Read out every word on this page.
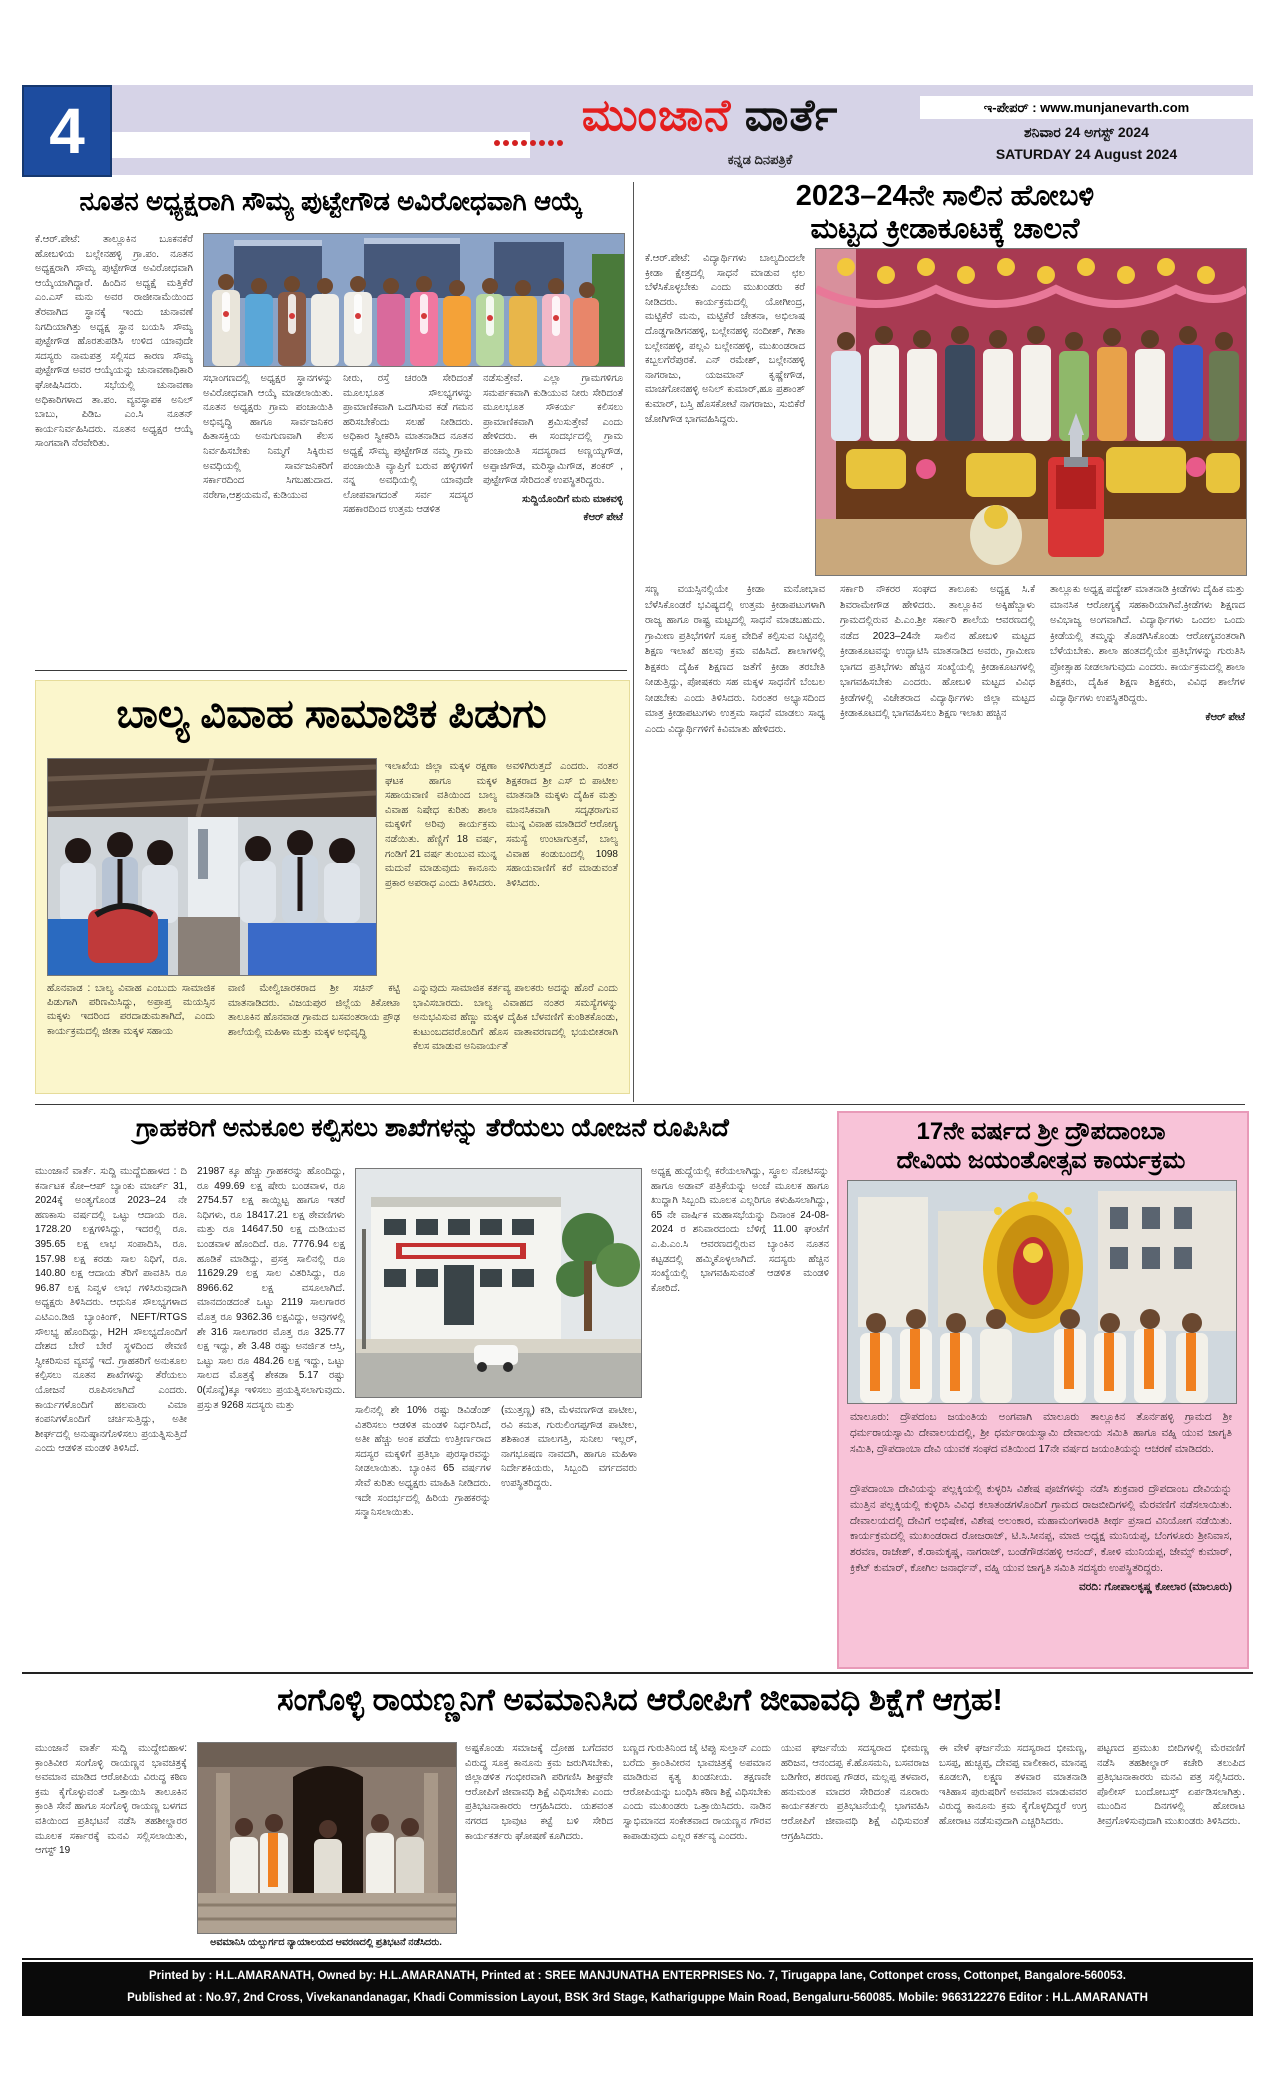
4	ಮುಂಜಾನೆ ವಾರ್ತೆ
ಕನ್ನಡ ದಿನಪತ್ರಿಕೆ
ಇ-ಪೇಪರ್ : www.munjanevarth.com
ಶನಿವಾರ 24 ಅಗಸ್ಟ್ 2024
SATURDAY 24 August 2024
ನೂತನ ಅಧ್ಯಕ್ಷರಾಗಿ ಸೌಮ್ಯ ಪುಟ್ಟೇಗೌಡ ಅವಿರೋಧವಾಗಿ ಆಯ್ಕೆ
ಕೆ.ಆರ್.ಪೇಟೆ: ತಾಲ್ಲೂಕಿನ ಬೂಕನಕೆರೆ ಹೋಬಳಿಯ ಬಲ್ಲೇನಹಳ್ಳಿ ಗ್ರಾ.ಪಂ. ನೂತನ ಅಧ್ಯಕ್ಷರಾಗಿ ಸೌಮ್ಯ ಪುಟ್ಟೇಗೌಡ ಅವಿರೋಧವಾಗಿ ಆಯ್ಕೆಯಾಗಿದ್ದಾರೆ. ಹಿಂದಿನ ಅಧ್ಯಕ್ಷೆ ಮತ್ತಿಕೆರೆ ಎಂ.ಎಸ್ ಮನು ಅವರ ರಾಜೀನಾಮೆಯಿಂದ ತೆರವಾಗಿದ ಸ್ಥಾನಕ್ಕೆ ಇಂದು ಚುನಾವಣೆ ನಿಗದಿಯಾಗಿತ್ತು ಅಧ್ಯಕ್ಷ ಸ್ಥಾನ ಬಯಸಿ ಸೌಮ್ಯ ಪುಟ್ಟೇಗೌಡ ಹೊರತುಪಡಿಸಿ ಉಳಿದ ಯಾವುದೇ ಸದಸ್ಯರು ನಾಮಪತ್ರ ಸಲ್ಲಿಸದ ಕಾರಣ ಸೌಮ್ಯ ಪುಟ್ಟೇಗೌಡ ಅವರ ಆಯ್ಕೆಯನ್ನು ಚುನಾವಣಾಧಿಕಾರಿ ಘೋಷಿಸಿದರು. ಸಭೆಯಲ್ಲಿ ಚುನಾವಣಾ ಅಧಿಕಾರಿಗಳಾದ ತಾ.ಪಂ. ವ್ಯವಸ್ಥಾಪಕ ಅನಿಲ್ ಬಾಬು, ಪಿಡಿಒ ಎಂ.ಸಿ ನೂತನ್ ಕಾರ್ಯನಿರ್ವಹಿಸಿದರು. ನೂತನ ಅಧ್ಯಕ್ಷರ ಆಯ್ಕೆ ಸಾಂಗವಾಗಿ ನೆರವೇರಿತು.
ಸಭಾಂಗಣದಲ್ಲಿ ಅಧ್ಯಕ್ಷರ ಸ್ಥಾನಗಳನ್ನು ಅವಿರೋಧವಾಗಿ ಆಯ್ಕೆ ಮಾಡಲಾಯಿತು. ನೂತನ ಅಧ್ಯಕ್ಷರು ಗ್ರಾಮ ಪಂಚಾಯಿತಿ ಅಭಿವೃದ್ಧಿ ಹಾಗೂ ಸಾರ್ವಜನಿಕರ ಹಿತಾಸಕ್ತಿಯ ಅನುಗುಣವಾಗಿ ಕೆಲಸ ನಿರ್ವಹಿಸಬೇಕು ನಿಮ್ಮಗೆ ಸಿಕ್ಕಿರುವ ಅವಧಿಯಲ್ಲಿ ಸಾರ್ವಜನಿಕರಿಗೆ ಸರ್ಕಾರದಿಂದ ಸಿಗಬಹುದಾದ. ನರೇಗಾ,ಆಶ್ರಯಮನೆ, ಕುಡಿಯುವ
ನೀರು, ರಸ್ತೆ ಚರಂಡಿ ಸೇರಿದಂತೆ ಮೂಲಭೂತ ಸೌಲಭ್ಯಗಳನ್ನು ಪ್ರಾಮಾಣಿಕವಾಗಿ ಒದಗಿಸುವ ಕಡೆ ಗಮನ ಹರಿಸಬೇಕೆಂದು ಸಲಹೆ ನೀಡಿದರು. ಅಧಿಕಾರ ಸ್ವೀಕರಿಸಿ ಮಾತನಾಡಿದ ನೂತನ ಅಧ್ಯಕ್ಷೆ ಸೌಮ್ಯ ಪುಟ್ಟೇಗೌಡ ನಮ್ಮ ಗ್ರಾಮ ಪಂಚಾಯಿತಿ ವ್ಯಾಪ್ತಿಗೆ ಬರುವ ಹಳ್ಳಿಗಳಿಗೆ ನನ್ನ ಅವಧಿಯಲ್ಲಿ ಯಾವುದೇ ಲೋಪವಾಗದಂತೆ ಸರ್ವ ಸದಸ್ಯರ ಸಹಕಾರದಿಂದ ಉತ್ತಮ ಆಡಳಿತ
ನಡೆಸುತ್ತೇವೆ. ಎಲ್ಲಾ ಗ್ರಾಮಗಳಿಗೂ ಸಮರ್ಪಕವಾಗಿ ಕುಡಿಯುವ ನೀರು ಸೇರಿದಂತೆ ಮೂಲಭೂತ ಸೌಕರ್ಯ ಕಲಿಸಲು ಪ್ರಾಮಾಣಿಕವಾಗಿ ಶ್ರಮಿಸುತ್ತೇವೆ ಎಂದು ಹೇಳಿದರು. ಈ ಸಂದರ್ಭದಲ್ಲಿ ಗ್ರಾಮ ಪಂಚಾಯಿತಿ ಸದಸ್ಯರಾದ ಅಣ್ಣಯ್ಯಗೌಡ, ಅಪ್ಪಾಜಿಗೌಡ, ಮರಿಸ್ವಾಮಿಗೌಡ, ಶಂಕರ್ , ಪುಟ್ಟೇಗೌಡ ಸೇರಿದಂತೆ ಉಪಸ್ಥಿತರಿದ್ದರು.
ಸುದ್ದಿಯೊಂದಿಗೆ ಮನು ಮಾಕವಳ್ಳಿ
ಕೆಆರ್ ಪೇಟೆ
2023–24ನೇ ಸಾಲಿನ ಹೋಬಳಿ
ಮಟ್ಟದ ಕ್ರೀಡಾಕೂಟಕ್ಕೆ ಚಾಲನೆ
ಕೆ.ಆರ್.ಪೇಟೆ: ವಿದ್ಯಾರ್ಥಿಗಳು ಬಾಲ್ಯದಿಂದಲೇ ಕ್ರೀಡಾ ಕ್ಷೇತ್ರದಲ್ಲಿ ಸಾಧನೆ ಮಾಡುವ ಛಲ ಬೆಳೆಸಿಕೊಳ್ಳಬೇಕು ಎಂದು ಮುಖಂಡರು ಕರೆ ನೀಡಿದರು. ಕಾರ್ಯಕ್ರಮದಲ್ಲಿ ಯೋಗೀಂದ್ರ, ಮಟ್ಟಿಕೆರೆ ಮನು, ಮಟ್ಟಿಕೆರೆ ಚೇತನಾ, ಅಭಿಲಾಷ ದೊಡ್ಡಗಾಡಿಗನಹಳ್ಳಿ, ಬಲ್ಲೇನಹಳ್ಳಿ ನಂದೀಶ್, ಗೀತಾ ಬಲ್ಲೇನಹಳ್ಳಿ, ಪಲ್ಲವಿ ಬಲ್ಲೇನಹಳ್ಳಿ, ಮುಖಂಡರಾದ ಕಬ್ಬಲಗೆರೆಪುರಕೆ. ಎನ್ ರಮೇಶ್, ಬಲ್ಲೇನಹಳ್ಳಿ ನಾಗರಾಜು, ಯಜಮಾನ್ ಕೃಷ್ಣೇಗೌಡ, ಮಾಚಗೋನಹಳ್ಳಿ ಅನಿಲ್ ಕುಮಾರ್,ಹೂ ಪ್ರಶಾಂತ್ ಕುಮಾರ್, ಬಸ್ತಿ ಹೊಸಕೋಟೆ ನಾಗರಾಜು, ಸುಬಿಕೆರೆ ಜೋಗಿಗೌಡ ಭಾಗವಹಿಸಿದ್ದರು.
ಸಣ್ಣ ವಯಸ್ಸಿನಲ್ಲಿಯೇ ಕ್ರೀಡಾ ಮನೋಭಾವ ಬೆಳೆಸಿಕೊಂಡರೆ ಭವಿಷ್ಯದಲ್ಲಿ ಉತ್ತಮ ಕ್ರೀಡಾಪಟುಗಳಾಗಿ ರಾಜ್ಯ ಹಾಗೂ ರಾಷ್ಟ್ರ ಮಟ್ಟದಲ್ಲಿ ಸಾಧನೆ ಮಾಡಬಹುದು. ಗ್ರಾಮೀಣ ಪ್ರತಿಭೆಗಳಿಗೆ ಸೂಕ್ತ ವೇದಿಕೆ ಕಲ್ಪಿಸುವ ನಿಟ್ಟಿನಲ್ಲಿ ಶಿಕ್ಷಣ ಇಲಾಖೆ ಹಲವು ಕ್ರಮ ವಹಿಸಿದೆ. ಶಾಲಾಗಳಲ್ಲಿ ಶಿಕ್ಷಕರು ದೈಹಿಕ ಶಿಕ್ಷಣದ ಜತೆಗೆ ಕ್ರೀಡಾ ತರಬೇತಿ ನೀಡುತ್ತಿದ್ದು, ಪೋಷಕರು ಸಹ ಮಕ್ಕಳ ಸಾಧನೆಗೆ ಬೆಂಬಲ ನೀಡಬೇಕು ಎಂದು ತಿಳಿಸಿದರು. ನಿರಂತರ ಅಭ್ಯಾಸದಿಂದ ಮಾತ್ರ ಕ್ರೀಡಾಪಟುಗಳು ಉತ್ತಮ ಸಾಧನೆ ಮಾಡಲು ಸಾಧ್ಯ ಎಂದು ವಿದ್ಯಾರ್ಥಿಗಳಿಗೆ ಕಿವಿಮಾತು ಹೇಳಿದರು.
ಸರ್ಕಾರಿ ನೌಕರರ ಸಂಘದ ತಾಲೂಕು ಅಧ್ಯಕ್ಷ ಸಿ.ಕೆ ಶಿವರಾಮೇಗೌಡ ಹೇಳಿದರು. ತಾಲ್ಲೂಕಿನ ಅಕ್ಕಿಹೆಬ್ಬಾಳು ಗ್ರಾಮದಲ್ಲಿರುವ ಪಿ.ಎಂ.ಶ್ರೀ ಸರ್ಕಾರಿ ಶಾಲೆಯ ಆವರಣದಲ್ಲಿ ನಡೆದ 2023–24ನೇ ಸಾಲಿನ ಹೋಬಳಿ ಮಟ್ಟದ ಕ್ರೀಡಾಕೂಟವನ್ನು ಉದ್ಘಾಟಿಸಿ ಮಾತನಾಡಿದ ಅವರು, ಗ್ರಾಮೀಣ ಭಾಗದ ಪ್ರತಿಭೆಗಳು ಹೆಚ್ಚಿನ ಸಂಖ್ಯೆಯಲ್ಲಿ ಕ್ರೀಡಾಕೂಟಗಳಲ್ಲಿ ಭಾಗವಹಿಸಬೇಕು ಎಂದರು. ಹೋಬಳಿ ಮಟ್ಟದ ವಿವಿಧ ಕ್ರೀಡೆಗಳಲ್ಲಿ ವಿಜೇತರಾದ ವಿದ್ಯಾರ್ಥಿಗಳು ಜಿಲ್ಲಾ ಮಟ್ಟದ ಕ್ರೀಡಾಕೂಟದಲ್ಲಿ ಭಾಗವಹಿಸಲು ಶಿಕ್ಷಣ ಇಲಾಖ ಹಚ್ಚಿನ
ತಾಲ್ಲೂಕು ಅಧ್ಯಕ್ಷ ಪದ್ಯೇಶ್ ಮಾತನಾಡಿ ಕ್ರೀಡೆಗಳು ದೈಹಿಕ ಮತ್ತು ಮಾನಸಿಕ ಆರೋಗ್ಯಕ್ಕೆ ಸಹಕಾರಿಯಾಗಿವೆ.ಕ್ರೀಡೆಗಳು ಶಿಕ್ಷಣದ ಅವಿಭಾಜ್ಯ ಅಂಗವಾಗಿದೆ. ವಿದ್ಯಾರ್ಥಿಗಳು ಒಂದಲ ಒಂದು ಕ್ರೀಡೆಯಲ್ಲಿ ತಮ್ಮನ್ನು ತೊಡಗಿಸಿಕೊಂಡು ಆರೋಗ್ಯವಂತರಾಗಿ ಬೆಳೆಯಬೇಕು. ಶಾಲಾ ಹಂತದಲ್ಲಿಯೇ ಪ್ರತಿಭೆಗಳನ್ನು ಗುರುತಿಸಿ ಪ್ರೋತ್ಸಾಹ ನೀಡಲಾಗುವುದು ಎಂದರು. ಕಾರ್ಯಕ್ರಮದಲ್ಲಿ ಶಾಲಾ ಶಿಕ್ಷಕರು, ದೈಹಿಕ ಶಿಕ್ಷಣ ಶಿಕ್ಷಕರು, ವಿವಿಧ ಶಾಲೆಗಳ ವಿದ್ಯಾರ್ಥಿಗಳು ಉಪಸ್ಥಿತರಿದ್ದರು.
ಕೆಆರ್ ಪೇಟೆ
ಬಾಲ್ಯ ವಿವಾಹ ಸಾಮಾಜಿಕ ಪಿಡುಗು
ಇಲಾಖೆಯ ಜಿಲ್ಲಾ ಮಕ್ಕಳ ರಕ್ಷಣಾ ಘಟಕ ಹಾಗೂ ಮಕ್ಕಳ ಸಹಾಯವಾಣಿ ವತಿಯಿಂದ ಬಾಲ್ಯ ವಿವಾಹ ನಿಷೇಧ ಕುರಿತು ಶಾಲಾ ಮಕ್ಕಳಿಗೆ ಅರಿವು ಕಾರ್ಯಕ್ರಮ ನಡೆಯಿತು. ಹೆಣ್ಣಿಗೆ 18 ವರ್ಷ, ಗಂಡಿಗೆ 21 ವರ್ಷ ತುಂಬುವ ಮುನ್ನ ಮದುವೆ ಮಾಡುವುದು ಕಾನೂನು ಪ್ರಕಾರ ಅಪರಾಧ ಎಂದು ತಿಳಿಸಿದರು.
ಅವಳಿಗಿರುತ್ತದೆ ಎಂದರು. ನಂತರ ಶಿಕ್ಷಕರಾದ ಶ್ರೀ ಎಸ್ ಬಿ ಪಾಟೀಲ ಮಾತನಾಡಿ ಮಕ್ಕಳು ದೈಹಿಕ ಮತ್ತು ಮಾನಸಿಕವಾಗಿ ಸದೃಢರಾಗುವ ಮುನ್ನ ವಿವಾಹ ಮಾಡಿದರೆ ಆರೋಗ್ಯ ಸಮಸ್ಯೆ ಉಂಟಾಗುತ್ತವೆ, ಬಾಲ್ಯ ವಿವಾಹ ಕಂಡುಬಂದಲ್ಲಿ 1098 ಸಹಾಯವಾಣಿಗೆ ಕರೆ ಮಾಡುವಂತೆ ತಿಳಿಸಿದರು.
ಹೊನವಾಡ : ಬಾಲ್ಯ ವಿವಾಹ ಎಂಬುದು ಸಾಮಾಜಿಕ ಪಿಡುಗಾಗಿ ಪರಿಣಮಿಸಿದ್ದು, ಅಪ್ರಾಪ್ತ ಮಯಸ್ಸಿನ ಮಕ್ಕಳು ಇದರಿಂದ ಪರದಾಡುಮತಾಗಿದೆ, ಎಂದು ಕಾರ್ಯಕ್ರಮದಲ್ಲಿ ಜೀತಾ ಮಕ್ಕಳ ಸಹಾಯ
ವಾಣಿ ಮೇಲ್ವಿಚಾರಕರಾದ ಶ್ರೀ ಸಚಿನ್ ಕಟ್ಟಿ ಮಾತನಾಡಿದರು. ವಿಜಯಪುರ ಜಿಲ್ಲೆಯ ತಿಕೋಟಾ ತಾಲೂಕಿನ ಹೊನವಾಡ ಗ್ರಾಮದ ಬಸವಂತರಾಯ ಪ್ರೌಢ ಶಾಲೆಯಲ್ಲಿ ಮಹಿಳಾ ಮತ್ತು ಮಕ್ಕಳ ಅಭಿವೃದ್ಧಿ
ಎನ್ನುವುದು ಸಾಮಾಜಿಕ ಕರ್ತವ್ಯ ಪಾಲಕರು ಅದನ್ನು ಹೊರೆ ಎಂದು ಭಾವಿಸಬಾರದು. ಬಾಲ್ಯ ವಿವಾಹದ ನಂತರ ಸಮಸ್ಯೆಗಳನ್ನು ಅನುಭವಿಸುವ ಹೆಣ್ಣು ಮಕ್ಕಳ ದೈಹಿಕ ಬೆಳವಣಿಗೆ ಕುಂಠಿತಕೊಂಡು, ಕುಟುಂಬದವರೊಂದಿಗೆ ಹೊಸ ವಾತಾವರಣದಲ್ಲಿ ಭಯಬೀತರಾಗಿ ಕೆಲಸ ಮಾಡುವ ಅನಿವಾರ್ಯತೆ
ಗ್ರಾಹಕರಿಗೆ ಅನುಕೂಲ ಕಲ್ಪಿಸಲು ಶಾಖೆಗಳನ್ನು ತೆರೆಯಲು ಯೋಜನೆ ರೂಪಿಸಿದೆ
ಮುಂಜಾನೆ ವಾರ್ತೆ. ಸುದ್ದಿ ಮುದ್ದೆಬಿಹಾಳದ : ದಿ ಕರ್ನಾಟಕ ಕೋ–ಆಪ್ ಬ್ಯಾಂಕು ಮಾರ್ಚ್ 31, 2024ಕ್ಕೆ ಅಂತ್ಯಗೊಂಡ 2023–24 ನೇ ಹಣಕಾಸು ವರ್ಷದಲ್ಲಿ ಒಟ್ಟು ಆದಾಯ ರೂ. 1728.20 ಲಕ್ಷಗಳಿಸಿದ್ದು, ಇದರಲ್ಲಿ ರೂ. 395.65 ಲಕ್ಷ ಲಾಭ ಸಂಪಾದಿಸಿ, ರೂ. 157.98 ಲಕ್ಷ ಕರಡು ಸಾಲ ನಿಧಿಗೆ, ರೂ. 140.80 ಲಕ್ಷ ಆದಾಯ ತೆರಿಗೆ ಪಾವತಿಸಿ ರೂ 96.87 ಲಕ್ಷ ನಿವ್ವಳ ಲಾಭ ಗಳಿಸಿರುವುದಾಗಿ ಅಧ್ಯಕ್ಷರು ತಿಳಿಸಿದರು. ಆಧುನಿಕ ಸೌಲಭ್ಯಗಳಾದ ಎಟಿಎಂ.ಡಿಜಿ ಬ್ಯಾಂಕಿಂಗ್, NEFT/RTGS ಸೌಲಭ್ಯ ಹೊಂದಿದ್ದು, H2H ಸೌಲಭ್ಯದೊಂದಿಗೆ ದೇಶದ ಬೇರೆ ಬೇರೆ ಸ್ಥಳದಿಂದ ಠೇವಣಿ ಸ್ವೀಕರಿಸುವ ವ್ಯವಸ್ಥೆ ಇದೆ. ಗ್ರಾಹಕರಿಗೆ ಅನುಕೂಲ ಕಲ್ಪಿಸಲು ನೂತನ ಶಾಖೆಗಳನ್ನು ತೆರೆಯಲು ಯೋಜನೆ ರೂಪಿಸಲಾಗಿದೆ ಎಂದರು. ಕಾರ್ಯಗಳೊಂದಿಗೆ ಹಲವಾರು ವಿಮಾ ಕಂಪನಿಗಳೊಂದಿಗೆ ಚರ್ಚಿಸುತ್ತಿದ್ದು, ಅತೀ ಶೀರ್ಘದಲ್ಲಿ ಅನುಷ್ಠಾನಗೊಳಿಸಲು ಪ್ರಯತ್ನಿಸುತ್ತಿದೆ ಎಂದು ಆಡಳಿತ ಮಂಡಳಿ ತಿಳಿಸಿದೆ.
21987 ಕ್ಕೂ ಹೆಚ್ಚು ಗ್ರಾಹಕರನ್ನು ಹೊಂದಿದ್ದು, ರೂ 499.69 ಲಕ್ಷ ಷೇರು ಬಂಡವಾಳ, ರೂ 2754.57 ಲಕ್ಷ ಕಾಯ್ದಿಟ್ಟ ಹಾಗೂ ಇತರೆ ನಿಧಿಗಳು, ರೂ 18417.21 ಲಕ್ಷ ಠೇವಣಿಗಳು ಮತ್ತು ರೂ 14647.50 ಲಕ್ಷ ದುಡಿಯುವ ಬಂಡವಾಳ ಹೊಂದಿದೆ. ರೂ. 7776.94 ಲಕ್ಷ ಹೂಡಿಕೆ ಮಾಡಿದ್ದು, ಪ್ರಸಕ್ತ ಸಾಲಿನಲ್ಲಿ ರೂ 11629.29 ಲಕ್ಷ ಸಾಲ ವಿತರಿಸಿದ್ದು, ರೂ 8966.62 ಲಕ್ಷ ವಸೂಲಾಗಿದೆ. ಮಾನದಂಡದಂತೆ ಒಟ್ಟು 2119 ಸಾಲಗಾರರ ಮೊತ್ತ ರೂ 9362.36 ಲಕ್ಷವಿದ್ದು, ಅವುಗಳಲ್ಲಿ ಶೇ 316 ಸಾಲಗಾರರ ಮೊತ್ತ ರೂ 325.77 ಲಕ್ಷ ಇದ್ದು, ಶೇ 3.48 ರಷ್ಟು ಅನರ್ಜಿತ ಆಸ್ತಿ, ಒಟ್ಟು ಸಾಲ ರೂ 484.26 ಲಕ್ಷ ಇದ್ದು, ಒಟ್ಟು ಸಾಲದ ಮೊತ್ತಕ್ಕೆ ಶೇಕಡಾ 5.17 ರಷ್ಟು 0(ಸೊನ್ನೆ)ಕ್ಕೂ ಇಳಿಸಲು ಪ್ರಯತ್ನಿಸಲಾಗುವುದು. ಪ್ರಸ್ತುತ 9268 ಸದಸ್ಯರು ಮತ್ತು	ಸಾಲಿನಲ್ಲಿ ಶೇ 10% ರಷ್ಟು ಡಿವಿಡೆಂಡ್ ವಿತರಿಸಲು ಆಡಳಿತ ಮಂಡಳಿ ನಿರ್ಧರಿಸಿದೆ, ಅತೀ ಹೆಚ್ಚು ಅಂಕ ಪಡೆದು ಉತ್ತೀರ್ಣರಾದ ಸದಸ್ಯರ ಮಕ್ಕಳಿಗೆ ಪ್ರತಿಭಾ ಪುರಸ್ಕಾರವನ್ನು ನೀಡಲಾಯಿತು. ಬ್ಯಾಂಕಿನ 65 ವರ್ಷಗಳ ಸೇವೆ ಕುರಿತು ಅಧ್ಯಕ್ಷರು ಮಾಹಿತಿ ನೀಡಿದರು. ಇದೇ ಸಂದರ್ಭದಲ್ಲಿ ಹಿರಿಯ ಗ್ರಾಹಕರನ್ನು ಸನ್ಮಾನಿಸಲಾಯಿತು.
(ಮುತ್ತಣ್ಣ) ಕಡಿ, ಮೆಳವಣಗೌಡ ಪಾಟೀಲ, ರವಿ ಕಮತ, ಗುರುಲಿಂಗಪ್ಪಗೌಡ ಪಾಟೀಲ, ಶಶಿಕಾಂತ ಮಾಲಗತ್ತಿ, ಸುನೀಲ ಇಲ್ಲರ್, ನಾಗಭೂಷಣ ನಾವದಗಿ, ಹಾಗೂ ಮಹಿಳಾ ನಿರ್ದೇಶಕಿಯರು, ಸಿಬ್ಬಂದಿ ವರ್ಗದವರು ಉಪಸ್ಥಿತರಿದ್ದರು.
ಅಧ್ಯಕ್ಷ ಹುದ್ದೆಯಲ್ಲಿ ಕರೆಯಲಾಗಿದ್ದು, ಸ್ಥೂಲ ನೋಟಿಸನ್ನು ಹಾಗೂ ಅಡಾವ್ ಪತ್ರಿಕೆಯನ್ನು ಅಂಚೆ ಮೂಲಕ ಹಾಗೂ ಖುದ್ದಾಗಿ ಸಿಬ್ಬಂದಿ ಮೂಲಕ ಎಲ್ಲರಿಗೂ ಕಳುಹಿಸಲಾಗಿದ್ದು, 65 ನೇ ವಾರ್ಷಿಕ ಮಹಾಸಭೆಯನ್ನು ದಿನಾಂಕ 24-08-2024 ರ ಶನಿವಾರದಂದು ಬೆಳಿಗ್ಗೆ 11.00 ಘಂಟೆಗೆ ಎ.ಪಿ.ಎಂ.ಸಿ ಆವರಣದಲ್ಲಿರುವ ಬ್ಯಾಂಕಿನ ನೂತನ ಕಟ್ಟಡದಲ್ಲಿ ಹಮ್ಮಿಕೊಳ್ಳಲಾಗಿದೆ. ಸದಸ್ಯರು ಹೆಚ್ಚಿನ ಸಂಖ್ಯೆಯಲ್ಲಿ ಭಾಗವಹಿಸುವಂತೆ ಆಡಳಿತ ಮಂಡಳಿ ಕೋರಿದೆ.
17ನೇ ವರ್ಷದ ಶ್ರೀ ದ್ರೌಪದಾಂಬಾ
ದೇವಿಯ ಜಯಂತೋತ್ಸವ ಕಾರ್ಯಕ್ರಮ
ಮಾಲೂರು: ದ್ರೌಪದಂಬ ಜಯಂತಿಯ ಅಂಗವಾಗಿ ಮಾಲೂರು ತಾಲ್ಲೂಕಿನ ತೊರ್ನಹಳ್ಳಿ ಗ್ರಾಮದ ಶ್ರೀ ಧರ್ಮರಾಯಸ್ವಾಮಿ ದೇವಾಲಯದಲ್ಲಿ, ಶ್ರೀ ಧರ್ಮರಾಯಸ್ವಾಮಿ ದೇವಾಲಯ ಸಮಿತಿ ಹಾಗೂ ವಹ್ನಿ ಯುವ ಜಾಗೃತಿ ಸಮಿತಿ, ದ್ರೌಪದಾಂಬಾ ದೇವಿ ಯುವಕ ಸಂಘದ ವತಿಯಿಂದ 17ನೇ ವರ್ಷದ ಜಯಂತಿಯನ್ನು ಆಚರಣೆ ಮಾಡಿದರು.
ದ್ರೌಪದಾಂಬಾ ದೇವಿಯನ್ನು ಪಲ್ಲಕ್ಕಿಯಲ್ಲಿ ಕುಳ್ಳರಿಸಿ ವಿಶೇಷ ಪೂಜೆಗಳನ್ನು ನಡೆಸಿ ಶುಕ್ರವಾರ ದ್ರೌಪದಾಂಬ ದೇವಿಯನ್ನು ಮುತ್ತಿನ ಪಲ್ಲಕ್ಕಿಯಲ್ಲಿ ಕುಳ್ಳಿರಿಸಿ ವಿವಿಧ ಕಲಾತಂಡಗಳೊಂದಿಗೆ ಗ್ರಾಮದ ರಾಜಬೀದಿಗಳಲ್ಲಿ ಮೆರವಣಿಗೆ ನಡೆಸಲಾಯಿತು. ದೇವಾಲಯದಲ್ಲಿ ದೇವಿಗೆ ಅಭಿಷೇಕ, ವಿಶೇಷ ಅಲಂಕಾರ, ಮಹಾಮಂಗಳಾರತಿ ತೀರ್ಥ ಪ್ರಸಾದ ವಿನಿಯೋಗ ನಡೆಯಿತು. ಕಾರ್ಯಕ್ರಮದಲ್ಲಿ ಮುಖಂಡರಾದ ರೋಜರಾಜ್, ಟಿ.ಸಿ.ಸೀನಪ್ಪ, ಮಾಜಿ ಅಧ್ಯಕ್ಷ ಮುನಿಯಪ್ಪ, ಬೆಂಗಳೂರು ಶ್ರೀನಿವಾಸ, ಶರವಣ, ರಾಜೇಶ್, ಕೆ.ರಾಮಕೃಷ್ಣ, ನಾಗರಾಜ್, ಬಂಡೆಗೌಡನಹಳ್ಳಿ ಆನಂದ್, ಕೋಳಿ ಮುನಿಯಪ್ಪ, ಜೇಮ್ಸ್ ಕುಮಾರ್, ಕ್ರಿಕೆಟ್ ಕುಮಾರ್, ಕೋಗಿಲ ಜನಾರ್ಧನ್, ವಹ್ನಿ ಯುವ ಜಾಗೃತಿ ಸಮಿತಿ ಸದಸ್ಯರು ಉಪಸ್ಥಿತರಿದ್ದರು.
ವರದಿ: ಗೋಪಾಲಕೃಷ್ಣ ಕೋಲಾರ (ಮಾಲೂರು)
ಸಂಗೊಳ್ಳಿ ರಾಯಣ್ಣನಿಗೆ ಅವಮಾನಿಸಿದ ಆರೋಪಿಗೆ ಜೀವಾವಧಿ ಶಿಕ್ಷೆಗೆ ಆಗ್ರಹ!
ಮುಂಜಾನೆ ವಾರ್ತೆ ಸುದ್ದಿ ಮುದ್ದೇಬಿಹಾಳ: ಕ್ರಾಂತಿವೀರ ಸಂಗೊಳ್ಳಿ ರಾಯಣ್ಣನ ಭಾವಚಿತ್ರಕ್ಕೆ ಅವಮಾನ ಮಾಡಿದ ಆರೋಪಿಯ ವಿರುದ್ಧ ಕಠಿಣ ಕ್ರಮ ಕೈಗೊಳ್ಳುವಂತೆ ಒತ್ತಾಯಿಸಿ ತಾಲೂಕಿನ ಕ್ರಾಂತಿ ಸೇನೆ ಹಾಗೂ ಸಂಗೊಳ್ಳಿ ರಾಯಣ್ಣ ಬಳಗದ ವತಿಯಿಂದ ಪ್ರತಿಭಟನೆ ನಡೆಸಿ ತಹಶೀಲ್ದಾರರ ಮೂಲಕ ಸರ್ಕಾರಕ್ಕೆ ಮನವಿ ಸಲ್ಲಿಸಲಾಯಿತು, ಆಗಸ್ಟ್ 19
ಅವಮಾನಿಸಿ ಯಲ್ಬುರ್ಗದ ನ್ಯಾಯಾಲಯದ ಆವರಣದಲ್ಲಿ ಪ್ರತಿಭಟನೆ ನಡೆಸಿದರು.
ಅಷ್ಟಕೊಂಡು ಸಮಾಜಕ್ಕೆ ದ್ರೋಹ ಬಗೆದವರ ವಿರುದ್ಧ ಸೂಕ್ತ ಕಾನೂನು ಕ್ರಮ ಜರುಗಿಸಬೇಕು, ಜಿಲ್ಲಾಡಳಿತ ಗಂಭೀರವಾಗಿ ಪರಿಗಣಿಸಿ ಶೀಘ್ರವೇ ಆರೋಪಿಗೆ ಜೀವಾವಧಿ ಶಿಕ್ಷೆ ವಿಧಿಸಬೇಕು ಎಂದು ಪ್ರತಿಭಟನಾಕಾರರು ಆಗ್ರಹಿಸಿದರು. ಯಶವಂತ ನಗರದ ಭಾವುಟ ಕಟ್ಟೆ ಬಳಿ ಸೇರಿದ ಕಾರ್ಯಕರ್ತರು ಘೋಷಣೆ ಕೂಗಿದರು.
ಬಣ್ಣದ ಗುರುತಿನಿಂದ ಜೈ ಟಿಪ್ಪು ಸುಲ್ತಾನ್ ಎಂದು ಬರೆದು ಕ್ರಾಂತಿವೀರನ ಭಾವಚಿತ್ರಕ್ಕೆ ಅಪಮಾನ ಮಾಡಿರುವ ಕೃತ್ಯ ಖಂಡನೀಯ. ತಕ್ಷಣವೇ ಆರೋಪಿಯನ್ನು ಬಂಧಿಸಿ ಕಠಿಣ ಶಿಕ್ಷೆ ವಿಧಿಸಬೇಕು ಎಂದು ಮುಖಂಡರು ಒತ್ತಾಯಿಸಿದರು. ನಾಡಿನ ಸ್ವಾಭಿಮಾನದ ಸಂಕೇತವಾದ ರಾಯಣ್ಣನ ಗೌರವ ಕಾಪಾಡುವುದು ಎಲ್ಲರ ಕರ್ತವ್ಯ ಎಂದರು.
ಯುವ ಘರ್ಜನೆಯ ಸದಸ್ಯರಾದ ಭೀಮಣ್ಣ ಹರಿಜನ, ಆನಂದಪ್ಪ ಕೆ.ಹೊಸಮನಿ, ಬಸವರಾಜ ಬಡಿಗೇರ, ಶರಣಪ್ಪ ಗೌಡರ, ಮಲ್ಲಪ್ಪ ತಳವಾರ, ಹನುಮಂತ ಮಾದರ ಸೇರಿದಂತೆ ನೂರಾರು ಕಾರ್ಯಕರ್ತರು ಪ್ರತಿಭಟನೆಯಲ್ಲಿ ಭಾಗವಹಿಸಿ ಆರೋಪಿಗೆ ಜೀವಾವಧಿ ಶಿಕ್ಷೆ ವಿಧಿಸುವಂತೆ ಆಗ್ರಹಿಸಿದರು.
ಈ ವೇಳೆ ಘರ್ಜನೆಯ ಸದಸ್ಯರಾದ ಭೀಮಣ್ಣ, ಬಸಪ್ಪ, ಹುಚ್ಚಪ್ಪ, ದೇವಪ್ಪ ವಾಲೀಕಾರ, ಮಾನಪ್ಪ ಕೂಡಲಗಿ, ಲಕ್ಷ್ಮಣ ತಳವಾರ ಮಾತನಾಡಿ ಇತಿಹಾಸ ಪುರುಷರಿಗೆ ಅವಮಾನ ಮಾಡುವವರ ವಿರುದ್ಧ ಕಾನೂನು ಕ್ರಮ ಕೈಗೊಳ್ಳದಿದ್ದರೆ ಉಗ್ರ ಹೋರಾಟ ನಡೆಸುವುದಾಗಿ ಎಚ್ಚರಿಸಿದರು.
ಪಟ್ಟಣದ ಪ್ರಮುಖ ಬೀದಿಗಳಲ್ಲಿ ಮೆರವಣಿಗೆ ನಡೆಸಿ ತಹಶೀಲ್ದಾರ್ ಕಚೇರಿ ತಲುಪಿದ ಪ್ರತಿಭಟನಾಕಾರರು ಮನವಿ ಪತ್ರ ಸಲ್ಲಿಸಿದರು. ಪೊಲೀಸ್ ಬಂದೋಬಸ್ತ್ ಏರ್ಪಡಿಸಲಾಗಿತ್ತು. ಮುಂದಿನ ದಿನಗಳಲ್ಲಿ ಹೋರಾಟ ತೀವ್ರಗೊಳಿಸುವುದಾಗಿ ಮುಖಂಡರು ತಿಳಿಸಿದರು.
Printed by : H.L.AMARANATH, Owned by: H.L.AMARANATH, Printed at : SREE MANJUNATHA ENTERPRISES No. 7, Tirugappa lane, Cottonpet cross, Cottonpet, Bangalore-560053.
Published at : No.97, 2nd Cross, Vivekanandanagar, Khadi Commission Layout, BSK 3rd Stage, Kathariguppe Main Road, Bengaluru-560085. Mobile: 9663122276 Editor : H.L.AMARANATH
